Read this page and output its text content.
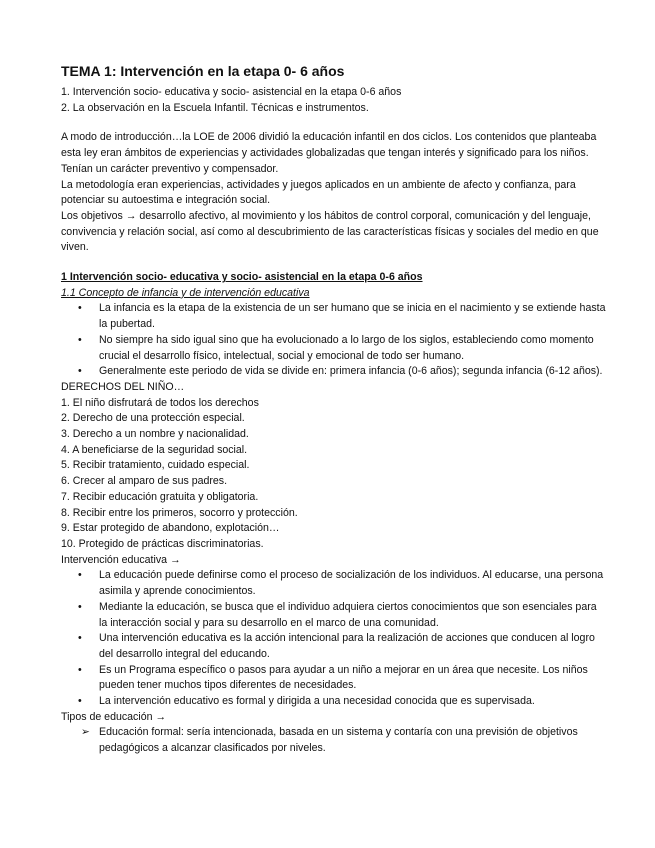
TEMA 1: Intervención en la etapa 0- 6 años

1. Intervención socio- educativa y socio- asistencial en la etapa 0-6 años

2. La observación en la Escuela Infantil. Técnicas e instrumentos.

A modo de introducción…la LOE de 2006 dividió la educación infantil en dos ciclos. Los contenidos que planteaba esta ley eran ámbitos de experiencias y actividades globalizadas que tengan interés y significado para los niños. Tenían un carácter preventivo y compensador.

La metodología eran experiencias, actividades y juegos aplicados en un ambiente de afecto y confianza, para potenciar su autoestima e integración social.

Los objetivos → desarrollo afectivo, al movimiento y los hábitos de control corporal, comunicación y del lenguaje, convivencia y relación social, así como al descubrimiento de las características físicas y sociales del medio en que viven.

1 Intervención socio- educativa y socio- asistencial en la etapa 0-6 años

1.1 Concepto de infancia y de intervención educativa

• La infancia es la etapa de la existencia de un ser humano que se inicia en el nacimiento y se extiende hasta la pubertad.
• No siempre ha sido igual sino que ha evolucionado a lo largo de los siglos, estableciendo como momento crucial el desarrollo físico, intelectual, social y emocional de todo ser humano.
• Generalmente este periodo de vida se divide en: primera infancia (0-6 años); segunda infancia (6-12 años).

DERECHOS DEL NIÑO…

1. El niño disfrutará de todos los derechos
2. Derecho de una protección especial.
3. Derecho a un nombre y nacionalidad.
4. A beneficiarse de la seguridad social.
5. Recibir tratamiento, cuidado especial.
6. Crecer al amparo de sus padres.
7. Recibir educación gratuita y obligatoria.
8. Recibir entre los primeros, socorro y protección.
9. Estar protegido de abandono, explotación…
10. Protegido de prácticas discriminatorias.

Intervención educativa →

• La educación puede definirse como el proceso de socialización de los individuos. Al educarse, una persona asimila y aprende conocimientos.
• Mediante la educación, se busca que el individuo adquiera ciertos conocimientos que son esenciales para la interacción social y para su desarrollo en el marco de una comunidad.
• Una intervención educativa es la acción intencional para la realización de acciones que conducen al logro del desarrollo integral del educando.
• Es un Programa específico o pasos para ayudar a un niño a mejorar en un área que necesite. Los niños pueden tener muchos tipos diferentes de necesidades.
• La intervención educativo es formal y dirigida a una necesidad conocida que es supervisada.

Tipos de educación →

➢ Educación formal: sería intencionada, basada en un sistema y contaría con una previsión de objetivos pedagógicos a alcanzar clasificados por niveles.
